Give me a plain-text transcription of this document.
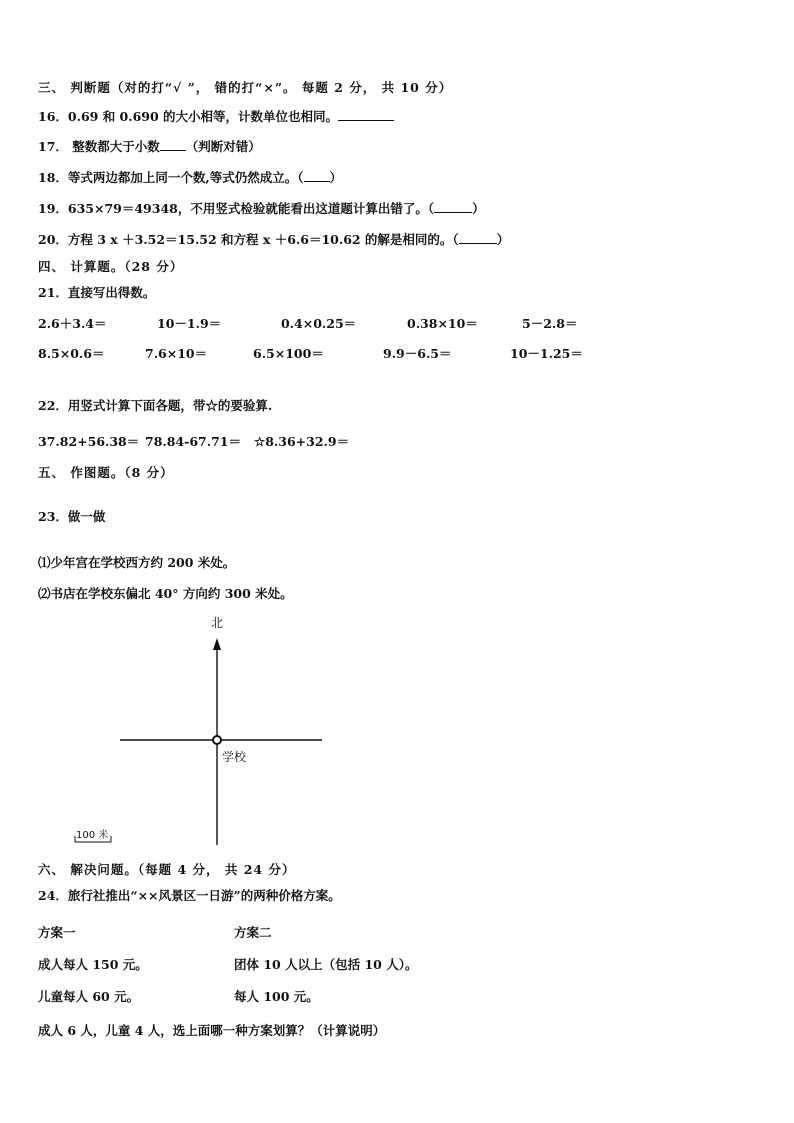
三、 判断题（对的打“√ ”， 错的打“×”。 每题 2 分， 共 10 分）
16．0.69 和 0.690 的大小相等，计数单位也相同。
17． 整数都大于小数 （判断对错）
18．等式两边都加上同一个数,等式仍然成立。（ ）
19．635×79＝49348，不用竖式检验就能看出这道题计算出错了。（	）
20．方程 3 x ＋3.52＝15.52 和方程 x ＋6.6＝10.62 的解是相同的。（	）
四、 计算题。（28 分）
21．直接写出得数。
2.6＋3.4＝	10－1.9＝	0.4×0.25＝	0.38×10＝	5－2.8＝
8.5×0.6＝	7.6×10＝	6.5×100＝	9.9－6.5＝	10－1.25＝
22．用竖式计算下面各题，带☆的要验算.
37.82+56.38＝ 78.84-67.71＝ ☆8.36+32.9＝
五、 作图题。（8 分）
23．做一做
⑴少年宫在学校西方约 200 米处。
⑵书店在学校东偏北 40° 方向约 300 米处。
北
学校
100 米
六、 解决问题。（每题 4 分， 共 24 分）
24．旅行社推出“××风景区一日游”的两种价格方案。
方案一	方案二
成人每人 150 元。	团体 10 人以上（包括 10 人）。
儿童每人 60 元。	每人 100 元。
成人 6 人，儿童 4 人，选上面哪一种方案划算？（计算说明）
